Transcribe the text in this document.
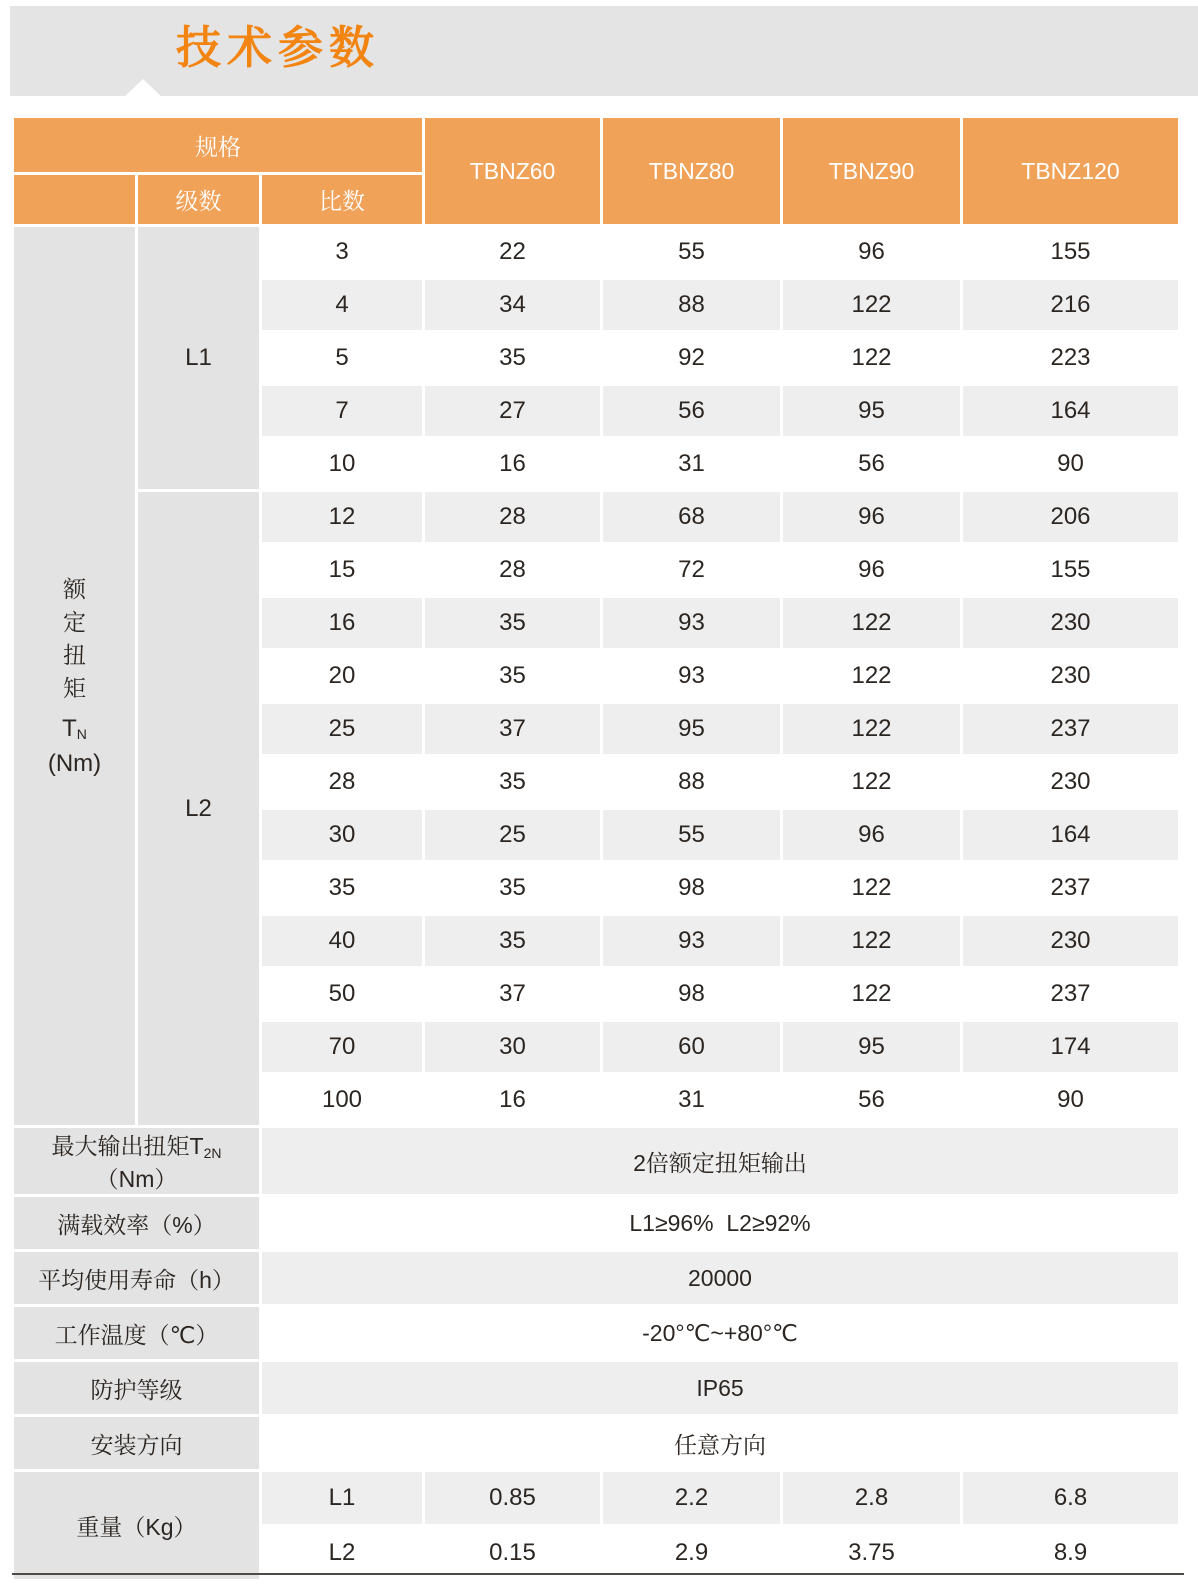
技术参数
规格			TBNZ60	TBNZ80	TBNZ90	TBNZ120
	级数	比数				

额
定
扭
矩
$T_N$
(Nm)
	L1	3	22	55	96	155
		4	34	88	122	216
		5	35	92	122	223
		7	27	56	95	164
		10	16	31	56	90
	L2	12	28	68	96	206
		15	28	72	96	155
		16	35	93	122	230
		20	35	93	122	230
		25	37	95	122	237
		28	35	88	122	230
		30	25	55	96	164
		35	35	98	122	237
		40	35	93	122	230
		50	37	98	122	237
		70	30	60	95	174
		100	16	31	56	90
最大输出扭矩$T_{2N}(Nm)$		2倍额定扭矩输出				
满载效率（%）		L1≥96%  L2≥92%				
平均使用寿命（h）		20000				
工作温度（℃）		-20°℃~+80°℃				
防护等级		IP65				
安装方向		任意方向				
重量（Kg）		L1	0.85	2.2	2.8	6.8
		L2	0.15	2.9	3.75	8.9
